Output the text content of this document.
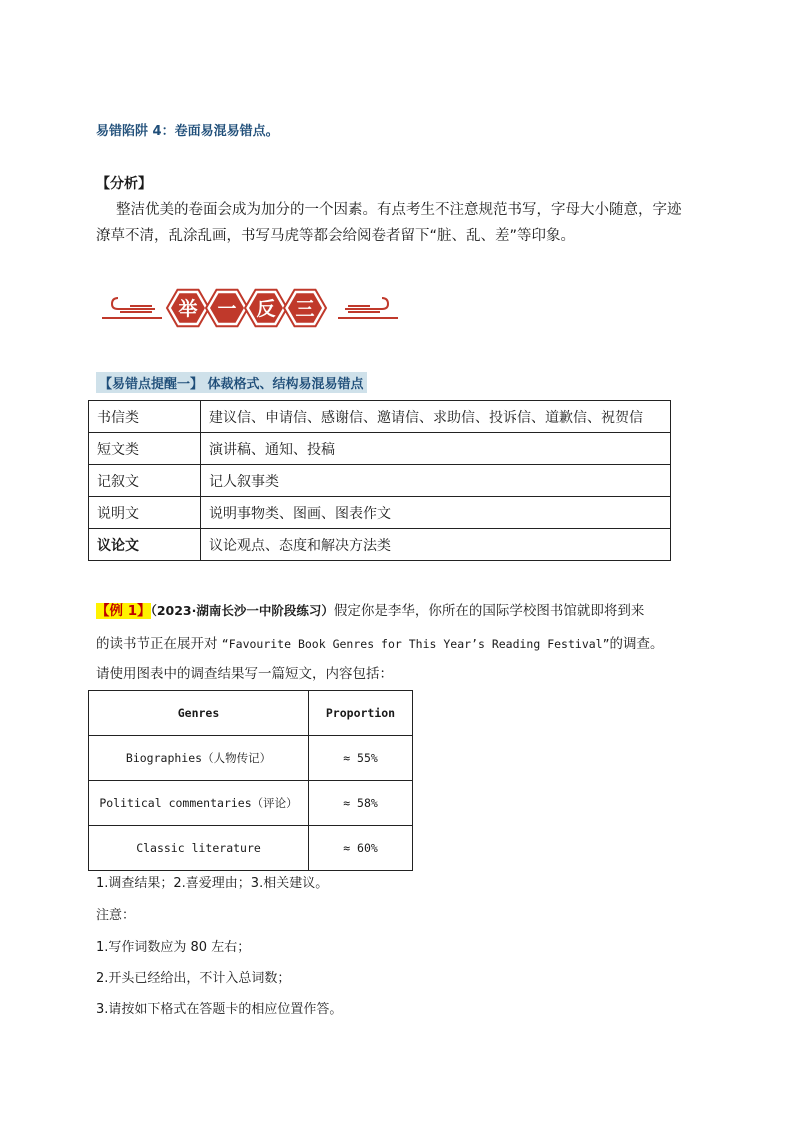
易错陷阱 4：卷面易混易错点。
【分析】
整洁优美的卷面会成为加分的一个因素。有点考生不注意规范书写，字母大小随意，字迹潦草不清，乱涂乱画，书写马虎等都会给阅卷者留下“脏、乱、差”等印象。
举 一 反 三
【易错点提醒一】 体裁格式、结构易混易错点
书信类	建议信、申请信、感谢信、邀请信、求助信、投诉信、道歉信、祝贺信
短文类	演讲稿、通知、投稿
记叙文	记人叙事类
说明文	说明事物类、图画、图表作文
议论文	议论观点、态度和解决方法类
【例 1】（2023·湖南长沙一中阶段练习）假定你是李华，你所在的国际学校图书馆就即将到来
的读书节正在展开对 “Favourite Book Genres for This Year’s Reading Festival”的调查。
请使用图表中的调查结果写一篇短文，内容包括：
Genres	Proportion
Biographies（人物传记）	≈ 55%
Political commentaries（评论）	≈ 58%
Classic literature	≈ 60%
1.调查结果；2.喜爱理由；3.相关建议。
注意：
1.写作词数应为 80 左右；
2.开头已经给出，不计入总词数；
3.请按如下格式在答题卡的相应位置作答。
